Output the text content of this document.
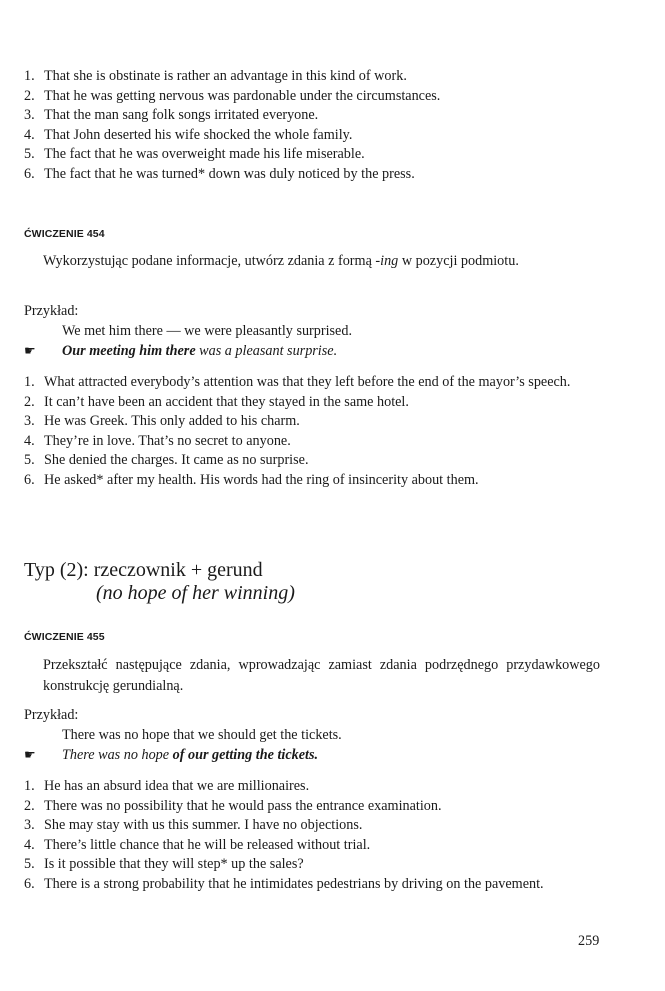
1. That she is obstinate is rather an advantage in this kind of work.
2. That he was getting nervous was pardonable under the circumstances.
3. That the man sang folk songs irritated everyone.
4. That John deserted his wife shocked the whole family.
5. The fact that he was overweight made his life miserable.
6. The fact that he was turned* down was duly noticed by the press.
ĆWICZENIE 454
Wykorzystując podane informacje, utwórz zdania z formą -ing w pozycji podmiotu.
Przykład:
We met him there — we were pleasantly surprised.
☛ Our meeting him there was a pleasant surprise.
1. What attracted everybody’s attention was that they left before the end of the mayor’s speech.
2. It can’t have been an accident that they stayed in the same hotel.
3. He was Greek. This only added to his charm.
4. They’re in love. That’s no secret to anyone.
5. She denied the charges. It came as no surprise.
6. He asked* after my health. His words had the ring of insincerity about them.
Typ (2): rzeczownik + gerund
(no hope of her winning)
ĆWICZENIE 455
Przekształć następujące zdania, wprowadzając zamiast zdania podrzędnego przydawkowego konstrukcję gerundialną.
Przykład:
There was no hope that we should get the tickets.
☛ There was no hope of our getting the tickets.
1. He has an absurd idea that we are millionaires.
2. There was no possibility that he would pass the entrance examination.
3. She may stay with us this summer. I have no objections.
4. There’s little chance that he will be released without trial.
5. Is it possible that they will step* up the sales?
6. There is a strong probability that he intimidates pedestrians by driving on the pavement.
259
